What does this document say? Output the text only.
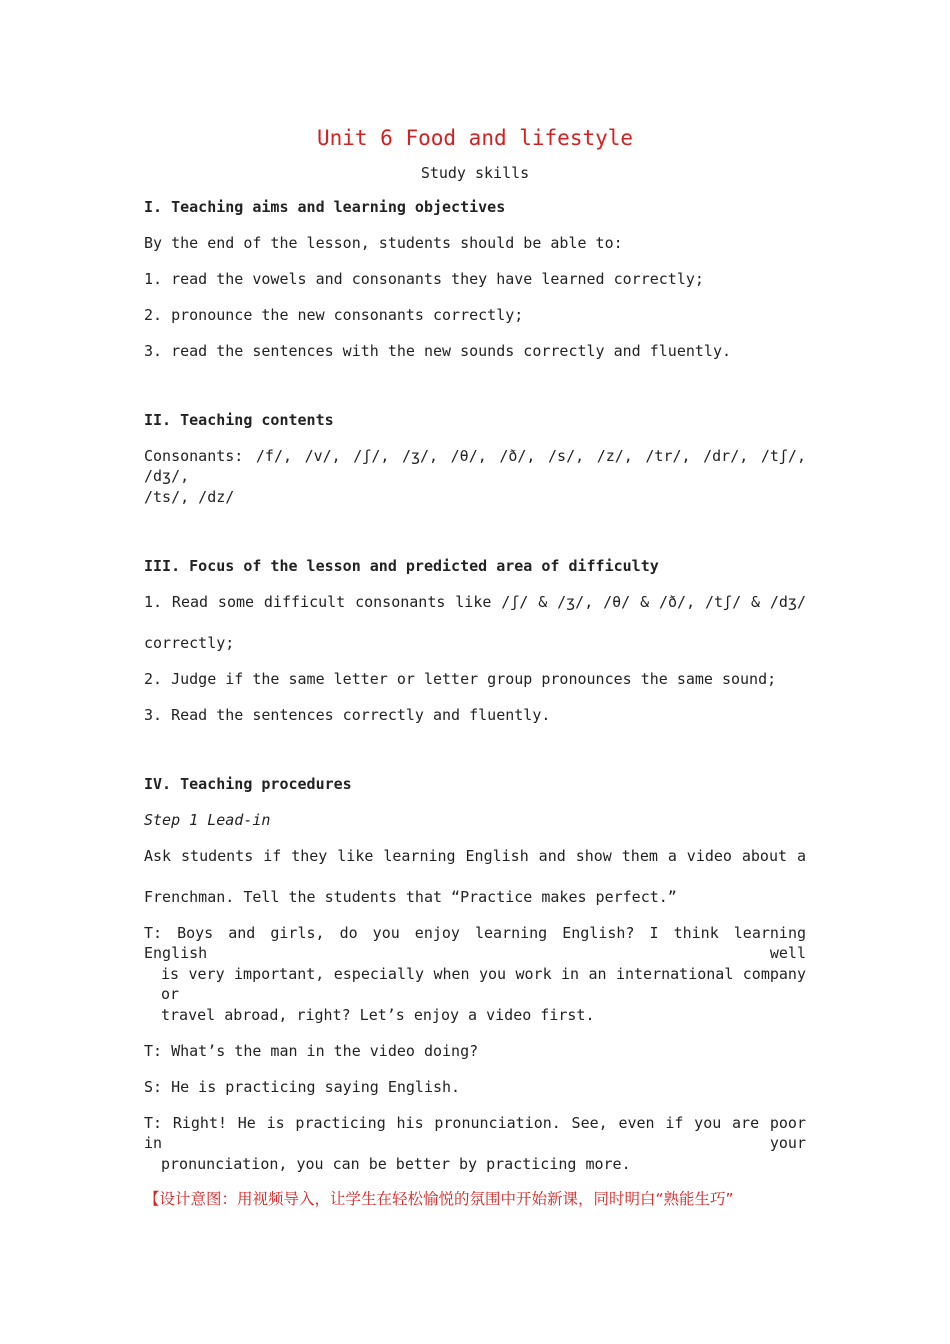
Unit 6 Food and lifestyle
Study skills
I. Teaching aims and learning objectives
By the end of the lesson, students should be able to:
1. read the vowels and consonants they have learned correctly;
2. pronounce the new consonants correctly;
3. read the sentences with the new sounds correctly and fluently.
II. Teaching contents
Consonants: /f/, /v/, /ʃ/, /ʒ/, /θ/, /ð/, /s/, /z/, /tr/, /dr/, /tʃ/, /dʒ/,
/ts/, /dz/
III. Focus of the lesson and predicted area of difficulty
1. Read some difficult consonants like /ʃ/ & /ʒ/, /θ/ & /ð/, /tʃ/ & /dʒ/
correctly;
2. Judge if the same letter or letter group pronounces the same sound;
3. Read the sentences correctly and fluently.
IV. Teaching procedures
Step 1 Lead-in
Ask students if they like learning English and show them a video about a
Frenchman. Tell the students that “Practice makes perfect.”
T: Boys and girls, do you enjoy learning English? I think learning English well
is very important, especially when you work in an international company or
travel abroad, right? Let’s enjoy a video first.
T: What’s the man in the video doing?
S: He is practicing saying English.
T: Right! He is practicing his pronunciation. See, even if you are poor in your
pronunciation, you can be better by practicing more.
【设计意图：用视频导入，让学生在轻松愉悦的氛围中开始新课，同时明白“熟能生巧”
